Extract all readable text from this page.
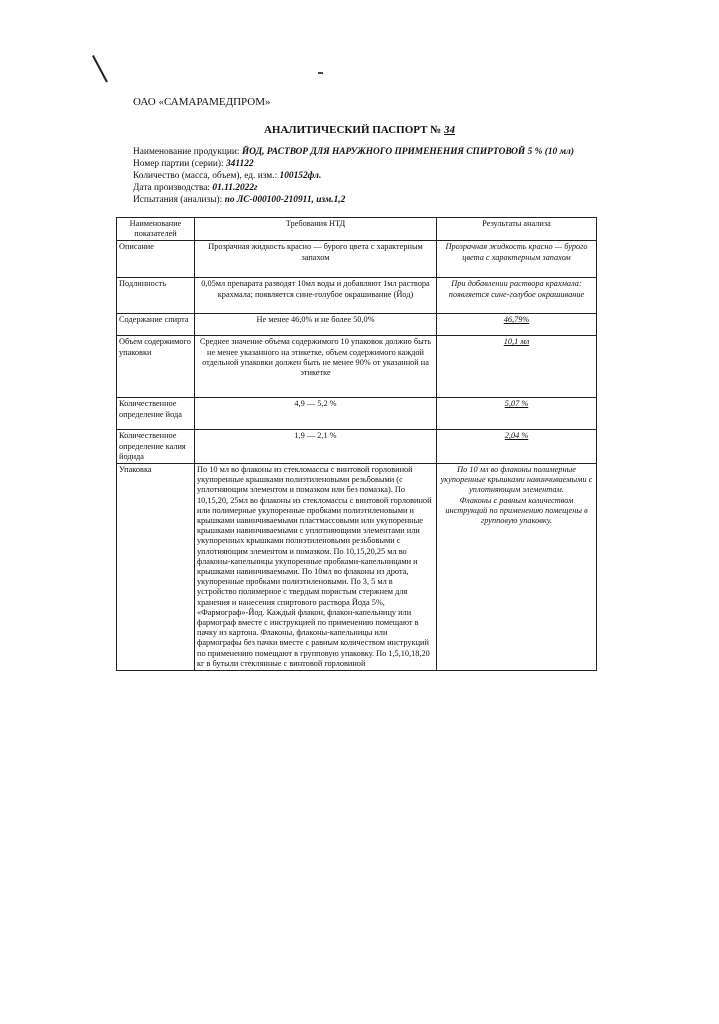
ОАО «САМАРАМЕДПРОМ»
АНАЛИТИЧЕСКИЙ ПАСПОРТ № 34
Наименование продукции: ЙОД, РАСТВОР ДЛЯ НАРУЖНОГО ПРИМЕНЕНИЯ СПИРТОВОЙ 5 % (10 мл)
Номер партии (серии): 341122
Количество (масса, объем), ед. изм.: 100152фл.
Дата производства: 01.11.2022г
Испытания (анализы): по ЛС-000100-210911, изм.1,2
Наименование показателей	Требования НТД	Результаты анализа
Описание	Прозрачная жидкость красно — бурого цвета с характерным запахом	Прозрачная жидкость красно — бурого цвета с характерным запахом
Подлинность	0,05мл препарата разводят 10мл воды и добавляют 1мл раствора крахмала; появляется сине-голубое окрашивание (Йод)	При добавлении раствора крахмала: появляется сине-голубое окрашивание
Содержание спирта	Не менее 46,0% и не более 50,0%	46,79%
Объем содержимого упаковки	Среднее значение объема содержимого 10 упаковок должно быть не менее указанного на этикетке, объем содержимого каждой отдельной упаковки должен быть не менее 90% от указанной на этикетке	10,1 мл
Количественное определение йода	4,9 — 5,2 %	5,07 %
Количественное определение калия йодида	1,9 — 2,1 %	2,04 %
Упаковка	По 10 мл во флаконы из стекломассы с винтовой горловиной укупоренные крышками полиэтиленовыми резьбовыми (с уплотняющим элементом и помазком или без помазка). По 10,15,20, 25мл во флаконы из стекломассы с винтовой горловиной или полимерные укупоренные пробками полиэтиленовыми и крышками навинчиваемыми пластмассовыми или укупоренные крышками навинчиваемыми с уплотняющими элементами или укупоренных крышками полиэтиленовыми резьбовыми с уплотняющим элементом и помазком. По 10,15,20,25 мл во флаконы-капельницы укупоренные пробками-капельницами и крышками навинчиваемыми. По 10мл во флаконы из дрота, укупоренные пробками полиэтиленовыми. По 3, 5 мл в устройство полимерное с твердым пористым стержнем для хранения и нанесения спиртового раствора Йода 5%, «Фармограф»-Йод. Каждый флакон, флакон-капельницу или фармограф вместе с инструкцией по применению помещают в пачку из картона. Флаконы, флаконы-капельницы или фармографы без пачки вместе с равным количеством инструкций по применению помещают в групповую упаковку. По 1,5,10,18,20 кг в бутыли стеклянные с винтовой горловиной	По 10 мл во флаконы полимерные укупоренные крышками навинчиваемыми с уплотняющим элементам.
Флаконы с равным количеством инструкций по применению помещены в групповую упаковку.
